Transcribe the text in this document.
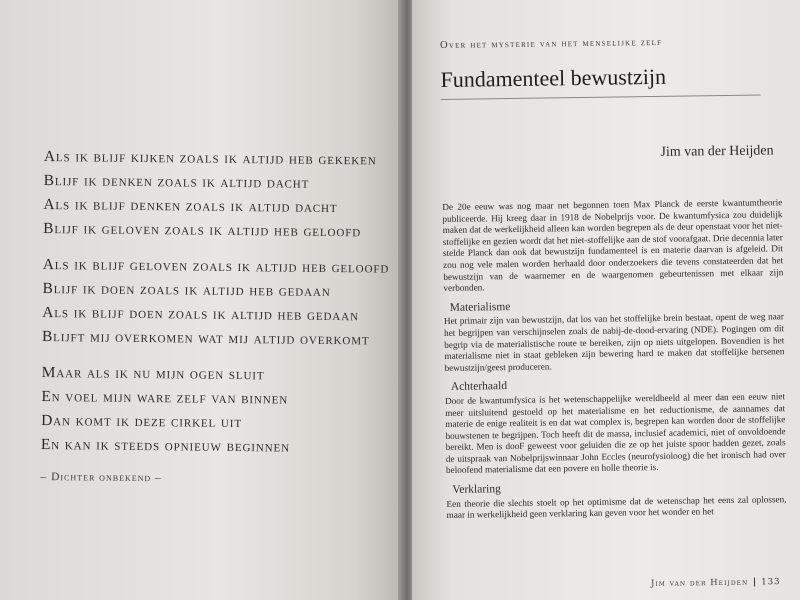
Als ik blijf kijken zoals ik altijd heb gekeken
Blijf ik denken zoals ik altijd dacht
Als ik blijf denken zoals ik altijd dacht
Blijf ik geloven zoals ik altijd heb geloofd
Als ik blijf geloven zoals ik altijd heb geloofd
Blijf ik doen zoals ik altijd heb gedaan
Als ik blijf doen zoals ik altijd heb gedaan
Blijft mij overkomen wat mij altijd overkomt
Maar als ik nu mijn ogen sluit
En voel mijn ware zelf van binnen
Dan komt ik deze cirkel uit
En kan ik steeds opnieuw beginnen
– Dichter onbekend –
Over het mysterie van het menselijke zelf
Fundamenteel bewustzijn
Jim van der Heijden

De 20e eeuw was nog maar net begonnen toen Max Planck de eerste kwantumtheorie publiceerde. Hij kreeg daar in 1918 de Nobelprijs voor. De kwantumfysica zou duidelijk maken dat de werkelijkheid alleen kan worden begrepen als de deur openstaat voor het niet-stoffelijke en gezien wordt dat het niet-stoffelijke aan de stof voorafgaat. Drie decennia later stelde Planck dan ook dat bewustzijn fundamenteel is en materie daarvan is afgeleid. Dit zou nog vele malen worden herhaald door onderzoekers die tevens constateerden dat het bewustzijn van de waarnemer en de waargenomen gebeurtenissen met elkaar zijn verbonden.

Materialisme

Het primair zijn van bewustzijn, dat los van het stoffelijke brein bestaat, opent de weg naar het begrijpen van verschijnselen zoals de nabij-de-dood-ervaring (NDE). Pogingen om dit begrip via de materialistische route te bereiken, zijn op niets uitgelopen. Bovendien is het materialisme niet in staat gebleken zijn bewering hard te maken dat stoffelijke hersenen bewustzijn/geest produceren.

Achterhaald

Door de kwantumfysica is het wetenschappelijke wereldbeeld al meer dan een eeuw niet meer uitsluitend gestoeld op het materialisme en het reductionisme, de aannames dat materie de enige realiteit is en dat wat complex is, begrepen kan worden door de stoffelijke bouwstenen te begrijpen. Toch heeft dit de massa, inclusief academici, niet of onvoldoende bereikt. Men is dooF geweest voor geluiden die ze op het juiste spoor hadden gezet, zoals de uitspraak van Nobelprijswinnaar John Eccles (neurofysioloog) die het ironisch had over beloofend materialisme dat een povere en holle theorie is.

Verklaring

Een theorie die slechts stoelt op het optimisme dat de wetenschap het eens zal oplossen, maar in werkelijkheid geen verklaring kan geven voor het wonder en het

Jim van der Heijden 133
